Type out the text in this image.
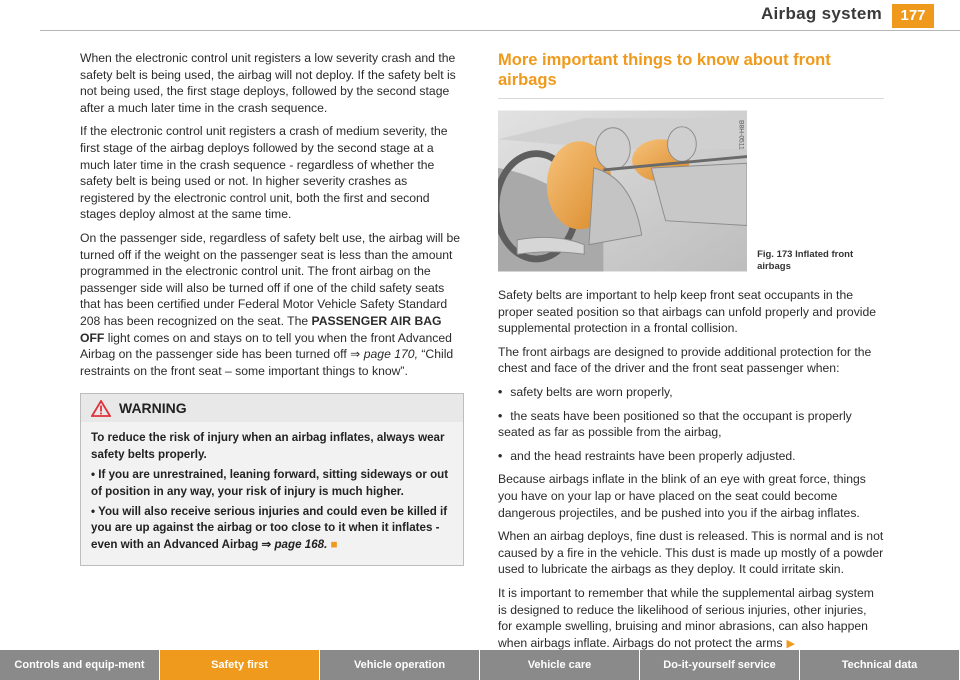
Airbag system	177

When the electronic control unit registers a low severity crash and the safety belt is being used, the airbag will not deploy. If the safety belt is not being used, the first stage deploys, followed by the second stage after a much later time in the crash sequence.

If the electronic control unit registers a crash of medium severity, the first stage of the airbag deploys followed by the second stage at a much later time in the crash sequence - regardless of whether the safety belt is being used or not. In higher severity crashes as registered by the electronic control unit, both the first and second stages deploy almost at the same time.

On the passenger side, regardless of safety belt use, the airbag will be turned off if the weight on the passenger seat is less than the amount programmed in the electronic control unit. The front airbag on the passenger side will also be turned off if one of the child safety seats that has been certified under Federal Motor Vehicle Safety Standard 208 has been recognized on the seat. The PASSENGER AIR BAG OFF light comes on and stays on to tell you when the front Advanced Airbag on the passenger side has been turned off ⇒ page 170, “Child restraints on the front seat – some important things to know”.

WARNING

To reduce the risk of injury when an airbag inflates, always wear safety belts properly.

• If you are unrestrained, leaning forward, sitting sideways or out of position in any way, your risk of injury is much higher.

• You will also receive serious injuries and could even be killed if you are up against the airbag or too close to it when it inflates - even with an Advanced Airbag ⇒ page 168. ■

More important things to know about front airbags
B8H-0511
Fig. 173 Inflated front airbags

Safety belts are important to help keep front seat occupants in the proper seated position so that airbags can unfold properly and provide supplemental protection in a frontal collision.

The front airbags are designed to provide additional protection for the chest and face of the driver and the front seat passenger when:

• safety belts are worn properly,

• the seats have been positioned so that the occupant is properly seated as far as possible from the airbag,

• and the head restraints have been properly adjusted.

Because airbags inflate in the blink of an eye with great force, things you have on your lap or have placed on the seat could become dangerous projectiles, and be pushed into you if the airbag inflates.

When an airbag deploys, fine dust is released. This is normal and is not caused by a fire in the vehicle. This dust is made up mostly of a powder used to lubricate the airbags as they deploy. It could irritate skin.

It is important to remember that while the supplemental airbag system is designed to reduce the likelihood of serious injuries, other injuries, for example swelling, bruising and minor abrasions, can also happen when airbags inflate. Airbags do not protect the arms ▶

Controls and equip-ment	Safety first	Vehicle operation	Vehicle care	Do-it-yourself service	Technical data
